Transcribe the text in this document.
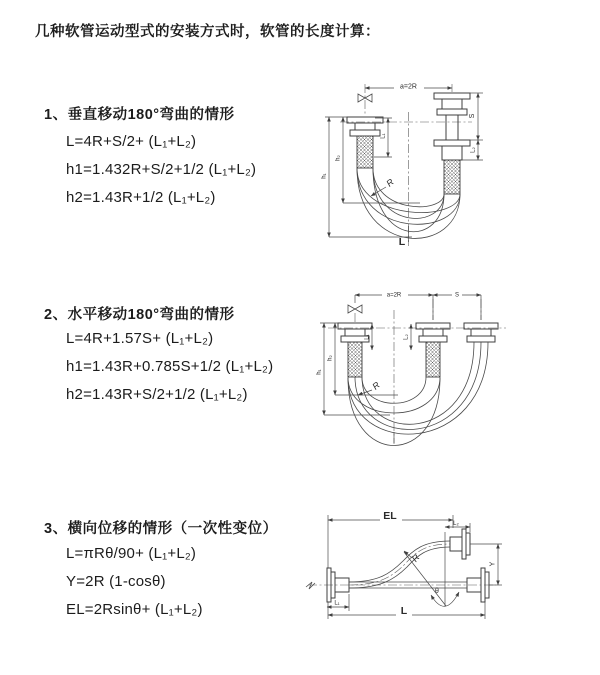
几种软管运动型式的安装方式时，软管的长度计算：
1、垂直移动180°弯曲的情形
L=4R+S/2+ (L₁+L₂)
h1=1.432R+S/2+1/2 (L₁+L₂)
h2=1.43R+1/2 (L₁+L₂)
2、水平移动180°弯曲的情形
L=4R+1.57S+ (L₁+L₂)
h1=1.43R+0.785S+1/2 (L₁+L₂)
h2=1.43R+S/2+1/2 (L₁+L₂)
3、横向位移的情形（一次性变位）
L=πRθ/90+ (L₁+L₂)
Y=2R (1-cosθ)
EL=2Rsinθ+ (L₁+L₂)
a=2R
S
L₂
L₁
h₂
h₁
R
L
a=2R	S
L₁	L₂
h₂
h₁
R
EL
L₂
R
θ
Y
L₁
L
